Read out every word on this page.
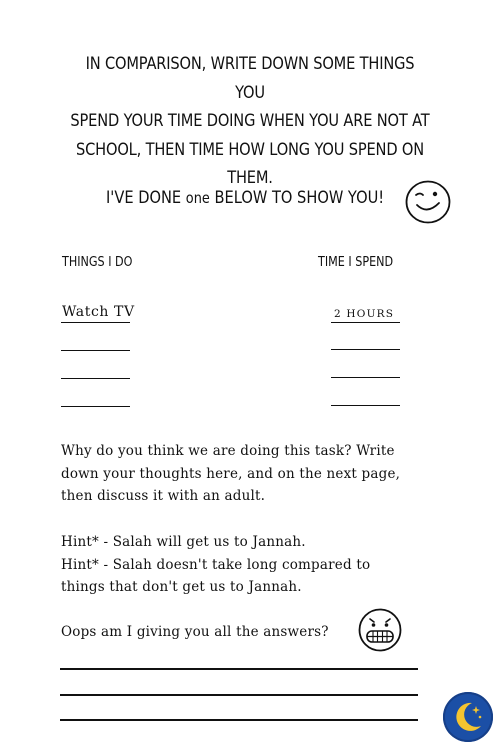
IN COMPARISON, WRITE DOWN SOME THINGS YOU
SPEND YOUR TIME DOING WHEN YOU ARE NOT AT
SCHOOL, THEN TIME HOW LONG YOU SPEND ON
THEM.
I'VE DONE one BELOW TO SHOW YOU!
THINGS I DO	TIME I SPEND
Watch TV	2 HOURS
Why do you think we are doing this task? Write
down your thoughts here, and on the next page,
then discuss it with an adult.
Hint* - Salah will get us to Jannah.
Hint* - Salah doesn't take long compared to
things that don't get us to Jannah.
Oops am I giving you all the answers?
